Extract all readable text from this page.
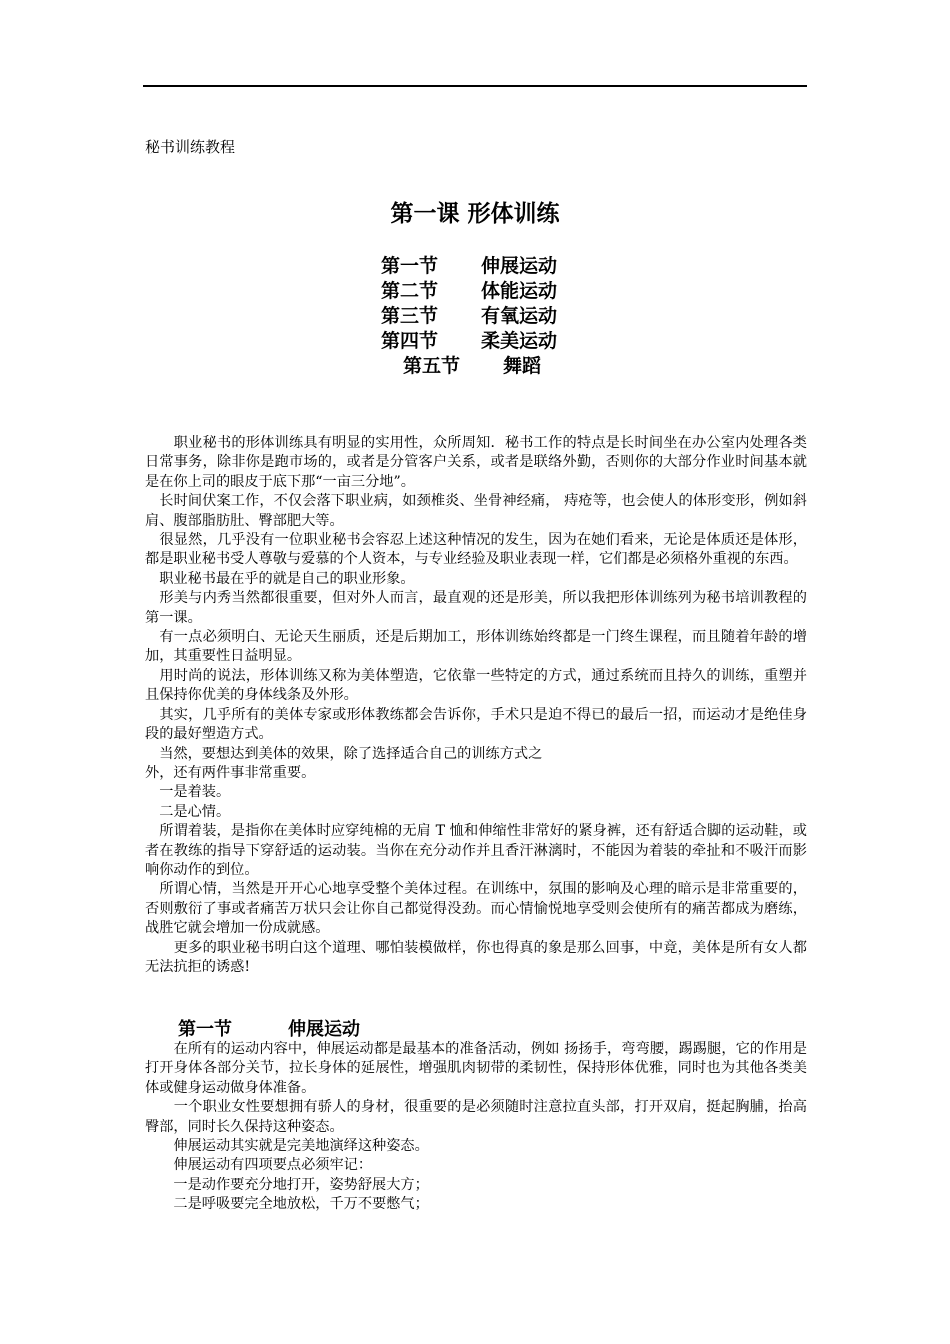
秘书训练教程
第一课 形体训练
第一节 伸展运动
第二节 体能运动
第三节 有氧运动
第四节 柔美运动
第五节 舞蹈

　　职业秘书的形体训练具有明显的实用性，众所周知．秘书工作的特点是长时间坐在办公室内处理各类日常事务，除非你是跑市场的，或者是分管客户关系，或者是联络外勤，否则你的大部分作业时间基本就是在你上司的眼皮于底下那“一亩三分地”。

　长时间伏案工作，不仅会落下职业病，如颈椎炎、坐骨神经痛， 痔疮等，也会使人的体形变形，例如斜肩、腹部脂肪肚、臀部肥大等。

　很显然，几乎没有一位职业秘书会容忍上述这种情况的发生，因为在她们看来，无论是体质还是体形，都是职业秘书受人尊敬与爱慕的个人资本，与专业经验及职业表现一样，它们都是必须格外重视的东西。

　职业秘书最在乎的就是自己的职业形象。

　形美与内秀当然都很重要，但对外人而言，最直观的还是形美，所以我把形体训练列为秘书培训教程的第一课。

　有一点必须明白、无论天生丽质，还是后期加工，形体训练始终都是一门终生课程，而且随着年龄的增加，其重要性日益明显。

　用时尚的说法，形体训练又称为美体塑造，它依靠一些特定的方式，通过系统而且持久的训练，重塑并且保持你优美的身体线条及外形。

　其实，几乎所有的美体专家或形体教练都会告诉你，手术只是迫不得已的最后一招，而运动才是绝佳身段的最好塑造方式。

　当然，要想达到美体的效果，除了选择适合自己的训练方式之

外，还有两件事非常重要。

　一是着装。

　二是心情。

　所谓着装，是指你在美体时应穿纯棉的无肩 T 恤和伸缩性非常好的紧身裤，还有舒适合脚的运动鞋，或者在教练的指导下穿舒适的运动装。当你在充分动作并且香汗淋漓时，不能因为着装的牵扯和不吸汗而影响你动作的到位。

　所谓心情，当然是开开心心地享受整个美体过程。在训练中，氛围的影响及心理的暗示是非常重要的， 否则敷衍了事或者痛苦万状只会让你自己都觉得没劲。而心情愉悦地享受则会使所有的痛苦都成为磨练，战胜它就会增加一份成就感。

　　更多的职业秘书明白这个道理、哪怕装模做样，你也得真的象是那么回事，中竟，美体是所有女人都无法抗拒的诱惑!

第一节	伸展运动

　　在所有的运动内容中，伸展运动都是最基本的准备活动，例如 扬扬手，弯弯腰，踢踢腿，它的作用是打开身体各部分关节，拉长身体的延展性，增强肌肉韧带的柔韧性，保持形体优雅，同时也为其他各类美体或健身运动做身体准备。

　　一个职业女性要想拥有骄人的身材，很重要的是必须随时注意拉直头部，打开双肩，挺起胸脯，抬高臀部，同时长久保持这种姿态。

　　伸展运动其实就是完美地演绎这种姿态。

　　伸展运动有四项要点必须牢记：

　　一是动作要充分地打开，姿势舒展大方；

　　二是呼吸要完全地放松，千万不要憋气；
